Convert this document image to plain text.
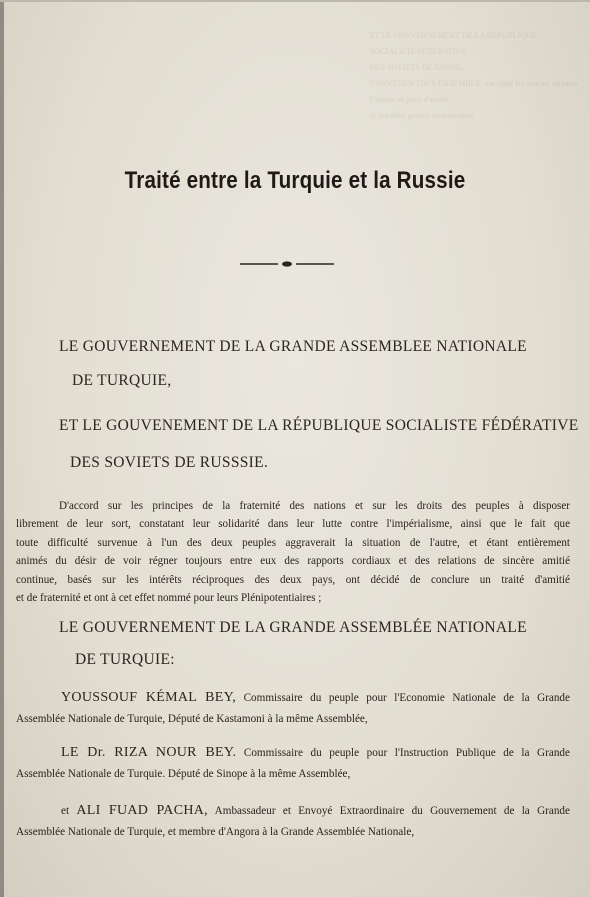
ET LE GOUVERNEMENT DE LA RÉPUBLIQUE SOCIALISTE FÉDÉRATIVE
DES SOVIETS DE RUSSIE,
CONVENUS TOUS ENSEMBLE, ont signé les articles suivants
Comme en pays d'amitié
et des deux parties contractantes
Traité entre la Turquie et la Russie
LE GOUVERNEMENT DE LA GRANDE ASSEMBLEE NATIONALE
DE TURQUIE,
ET LE GOUVENEMENT DE LA RÉPUBLIQUE SOCIALISTE FÉDÉRATIVE
DES SOVIETS DE RUSSSIE.
D'accord sur les principes de la fraternité des nations et sur les droits des peuples à disposer
librement de leur sort, constatant leur solidarité dans leur lutte contre l'impérialisme, ainsi que le fait que
toute difficulté survenue à l'un des deux peuples aggraverait la situation de l'autre, et étant entièrement
animés du désir de voir régner toujours entre eux des rapports cordiaux et des relations de sincère amitié
continue, basés sur les intérêts réciproques des deux pays, ont décidé de conclure un traité d'amitié
et de fraternité et ont à cet effet nommé pour leurs Plénipotentiaires ;
LE GOUVERNEMENT DE LA GRANDE ASSEMBLÉE NATIONALE
DE TURQUIE:
YOUSSOUF KÉMAL BEY, Commissaire du peuple pour l'Economie Nationale de la Grande
Assemblée Nationale de Turquie, Député de Kastamoni à la même Assemblée,
LE Dr. RIZA NOUR BEY. Commissaire du peuple pour l'Instruction Publique de la Grande
Assemblée Nationale de Turquie. Député de Sinope à la même Assemblée,
et ALI FUAD PACHA, Ambassadeur et Envoyé Extraordinaire du Gouvernement de la Grande
Assemblée Nationale de Turquie, et membre d'Angora à la Grande Assemblée Nationale,
